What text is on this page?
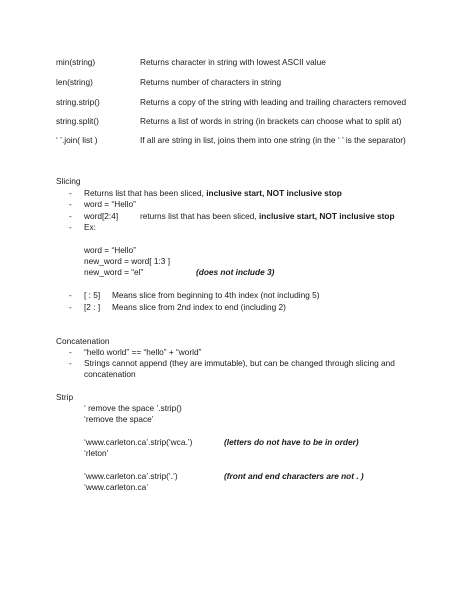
min(string)	Returns character in string with lowest ASCII value
len(string)	Returns number of characters in string
string.strip()	Returns a copy of the string with leading and trailing characters removed
string.split()	Returns a list of words in string (in brackets can choose what to split at)
‘ ’.join( list )	If all are string in list, joins them into one string (in the ‘ ’ is the separator)
Slicing
- Returns list that has been sliced, inclusive start, NOT inclusive stop
- word = “Hello”
- word[2:4]	returns list that has been sliced, inclusive start, NOT inclusive stop
- Ex:
word = “Hello”
new_word = word[ 1:3 ]
new_word = “el”	(does not include 3)
- [ : 5] Means slice from beginning to 4th index (not including 5)
- [2 : ] Means slice from 2nd index to end (including 2)
Concatenation
- “hello world” == “hello” + “world”
- Strings cannot append (they are immutable), but can be changed through slicing and
concatenation
Strip
‘ remove the space ’.strip()
‘remove the space’
‘www.carleton.ca’.strip(‘wca.’)	(letters do not have to be in order)
‘rleton’
‘www.carleton.ca’.strip(‘.’)	(front and end characters are not . )
‘www.carleton.ca’
